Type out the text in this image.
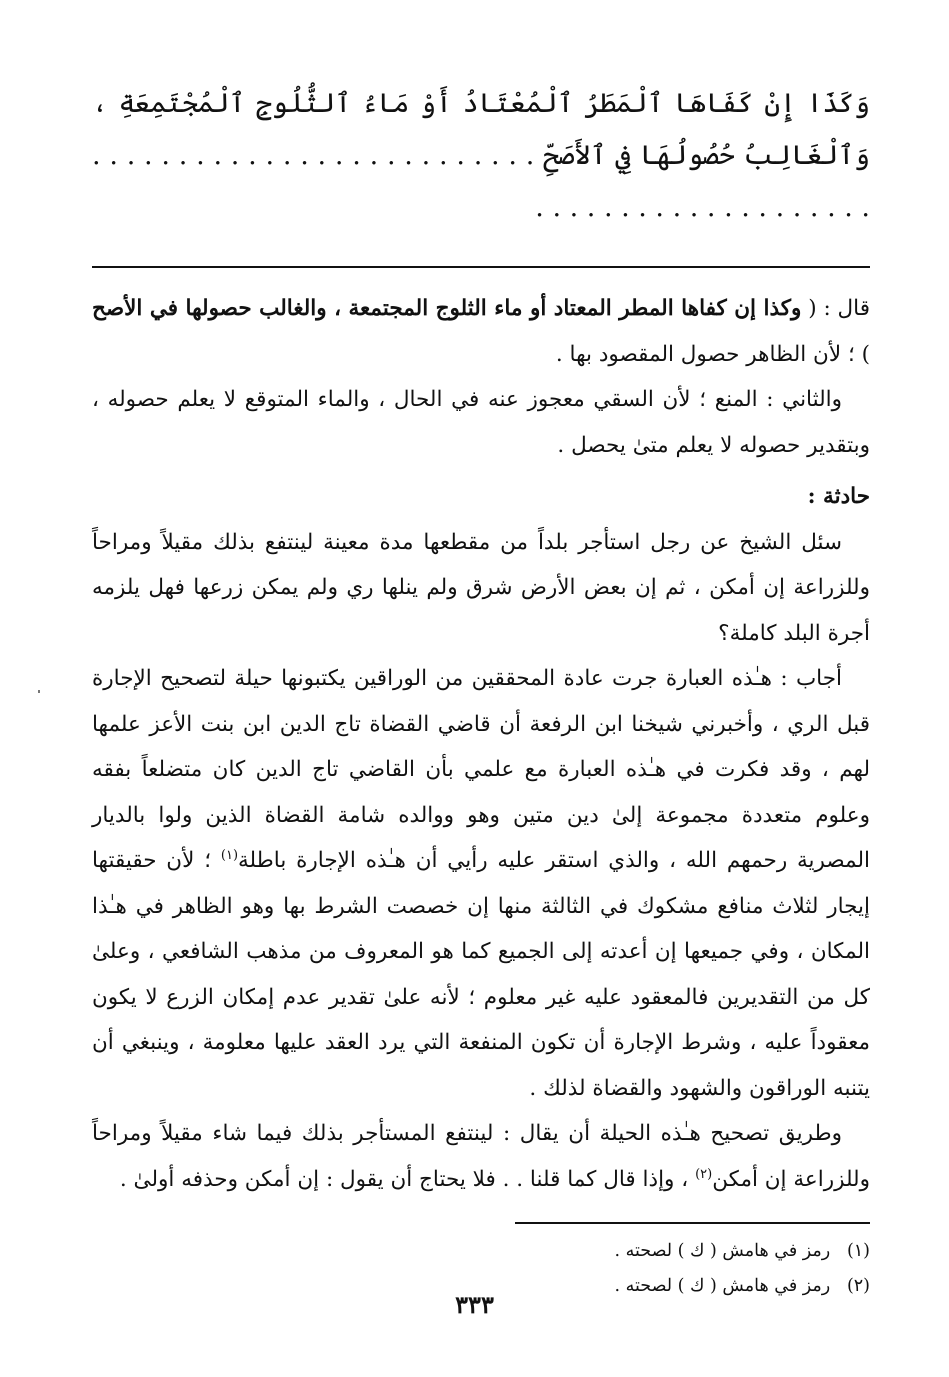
وَكَذَا إِنْ كَفَاهَا ٱلْمَطَرُ ٱلْمُعْتَادُ أَوْ مَاءُ ٱلثُّلُوجِ ٱلْمُجْتَمِعَةِ ، وَٱلْغَالِبُ حُصُولُهَا فِي ٱلأَصَحِّ . . . . . . . . . . . . . . . . . . . . . . . . . . . . . . . . . . . . . . . . . . . . . .

قال : ( وكذا إن كفاها المطر المعتاد أو ماء الثلوج المجتمعة ، والغالب حصولها في الأصح ) ؛ لأن الظاهر حصول المقصود بها .

والثاني : المنع ؛ لأن السقي معجوز عنه في الحال ، والماء المتوقع لا يعلم حصوله ، وبتقدير حصوله لا يعلم متىٰ يحصل .

حادثة :

سئل الشيخ عن رجل استأجر بلداً من مقطعها مدة معينة لينتفع بذلك مقيلاً ومراحاً وللزراعة إن أمكن ، ثم إن بعض الأرض شرق ولم ينلها ري ولم يمكن زرعها فهل يلزمه أجرة البلد كاملة؟

أجاب : هـٰذه العبارة جرت عادة المحققين من الوراقين يكتبونها حيلة لتصحيح الإجارة قبل الري ، وأخبرني شيخنا ابن الرفعة أن قاضي القضاة تاج الدين ابن بنت الأعز علمها لهم ، وقد فكرت في هـٰذه العبارة مع علمي بأن القاضي تاج الدين كان متضلعاً بفقه وعلوم متعددة مجموعة إلىٰ دين متين وهو ووالده شامة القضاة الذين ولوا بالديار المصرية رحمهم الله ، والذي استقر عليه رأيي أن هـٰذه الإجارة باطلة$^{(١)}$ ؛ لأن حقيقتها إيجار لثلاث منافع مشكوك في الثالثة منها إن خصصت الشرط بها وهو الظاهر في هـٰذا المكان ، وفي جميعها إن أعدته إلى الجميع كما هو المعروف من مذهب الشافعي ، وعلىٰ كل من التقديرين فالمعقود عليه غير معلوم ؛ لأنه علىٰ تقدير عدم إمكان الزرع لا يكون معقوداً عليه ، وشرط الإجارة أن تكون المنفعة التي يرد العقد عليها معلومة ، وينبغي أن يتنبه الوراقون والشهود والقضاة لذلك .

وطريق تصحيح هـٰذه الحيلة أن يقال : لينتفع المستأجر بذلك فيما شاء مقيلاً ومراحاً وللزراعة إن أمكن$^{(٢)}$ ، وإذا قال كما قلنا . . فلا يحتاج أن يقول : إن أمكن وحذفه أولىٰ .

(١)   رمز في هامش ( ك ) لصحته .

(٢)   رمز في هامش ( ك ) لصحته .

٣٣٣
